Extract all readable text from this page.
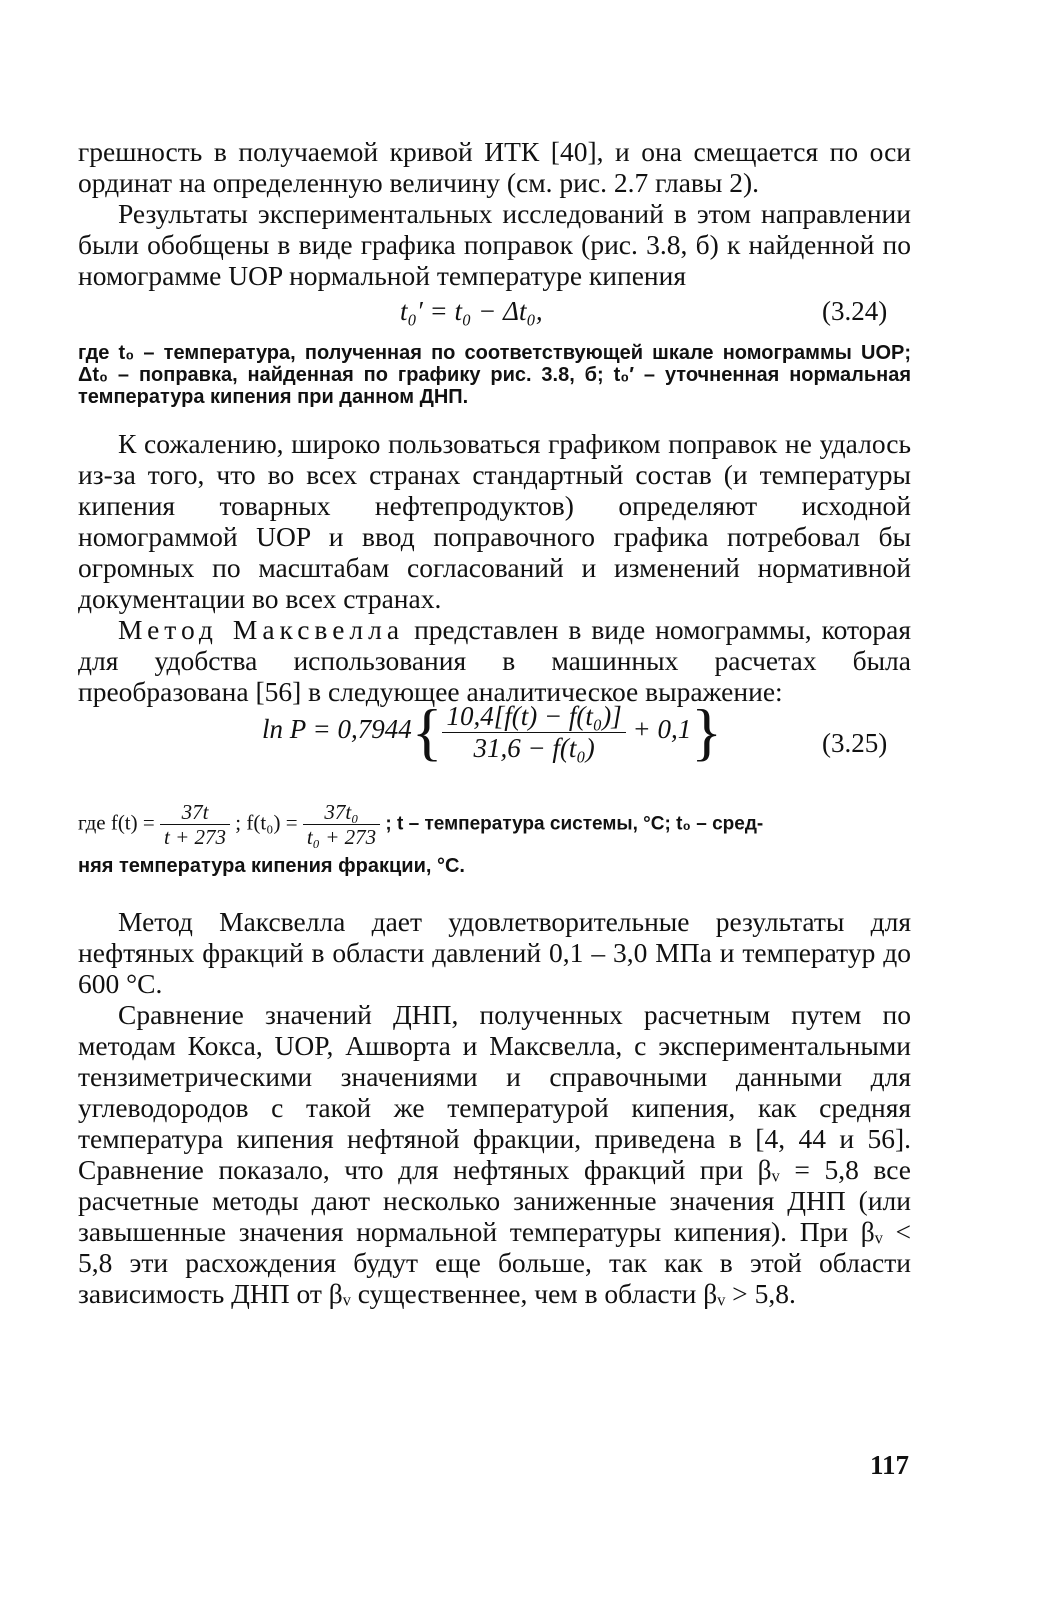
грешность в получаемой кривой ИТК [40], и она смещается по оси ординат на определенную величину (см. рис. 2.7 главы 2).

Результаты экспериментальных исследований в этом направлении были обобщены в виде графика поправок (рис. 3.8, б) к найденной по номограмме UOP нормальной температуре кипения

t₀′ = t₀ − Δt₀,	(3.24)

где t₀ – температура, полученная по соответствующей шкале номограммы UOP; Δt₀ – поправка, найденная по графику рис. 3.8, б; t₀′ – уточненная нормальная температура кипения при данном ДНП.

К сожалению, широко пользоваться графиком поправок не удалось из-за того, что во всех странах стандартный состав (и температуры кипения товарных нефтепродуктов) определяют исходной номограммой UOP и ввод поправочного графика потребовал бы огромных по масштабам согласований и изменений нормативной документации во всех странах.

Метод Максвелла представлен в виде номограммы, которая для удобства использования в машинных расчетах была преобразована [56] в следующее аналитическое выражение:

$\ln P = 0,7944\{ \frac{\text{10,4[f(t) − f(t₀)]}}{\text{31,6 − f(t₀)}} + 0,1\}$	(3.25)
где $f(t) = \frac{37t}{t + 273}$ ; $f(t_0) = \frac{\text{37t₀}}{\text{t₀ + 273}}$ ; t – температура системы, °С; t₀ – сред-
няя температура кипения фракции, °С.

Метод Максвелла дает удовлетворительные результаты для нефтяных фракций в области давлений 0,1 – 3,0 МПа и температур до 600 °С.

Сравнение значений ДНП, полученных расчетным путем по методам Кокса, UOP, Ашворта и Максвелла, с экспериментальными тензиметрическими значениями и справочными данными для углеводородов с такой же температурой кипения, как средняя температура кипения нефтяной фракции, приведена в [4, 44 и 56]. Сравнение показало, что для нефтяных фракций при βᵥ = 5,8 все расчетные методы дают несколько заниженные значения ДНП (или завышенные значения нормальной температуры кипения). При βᵥ < 5,8 эти расхождения будут еще больше, так как в этой области зависимость ДНП от βᵥ существеннее, чем в области βᵥ > 5,8.

117
